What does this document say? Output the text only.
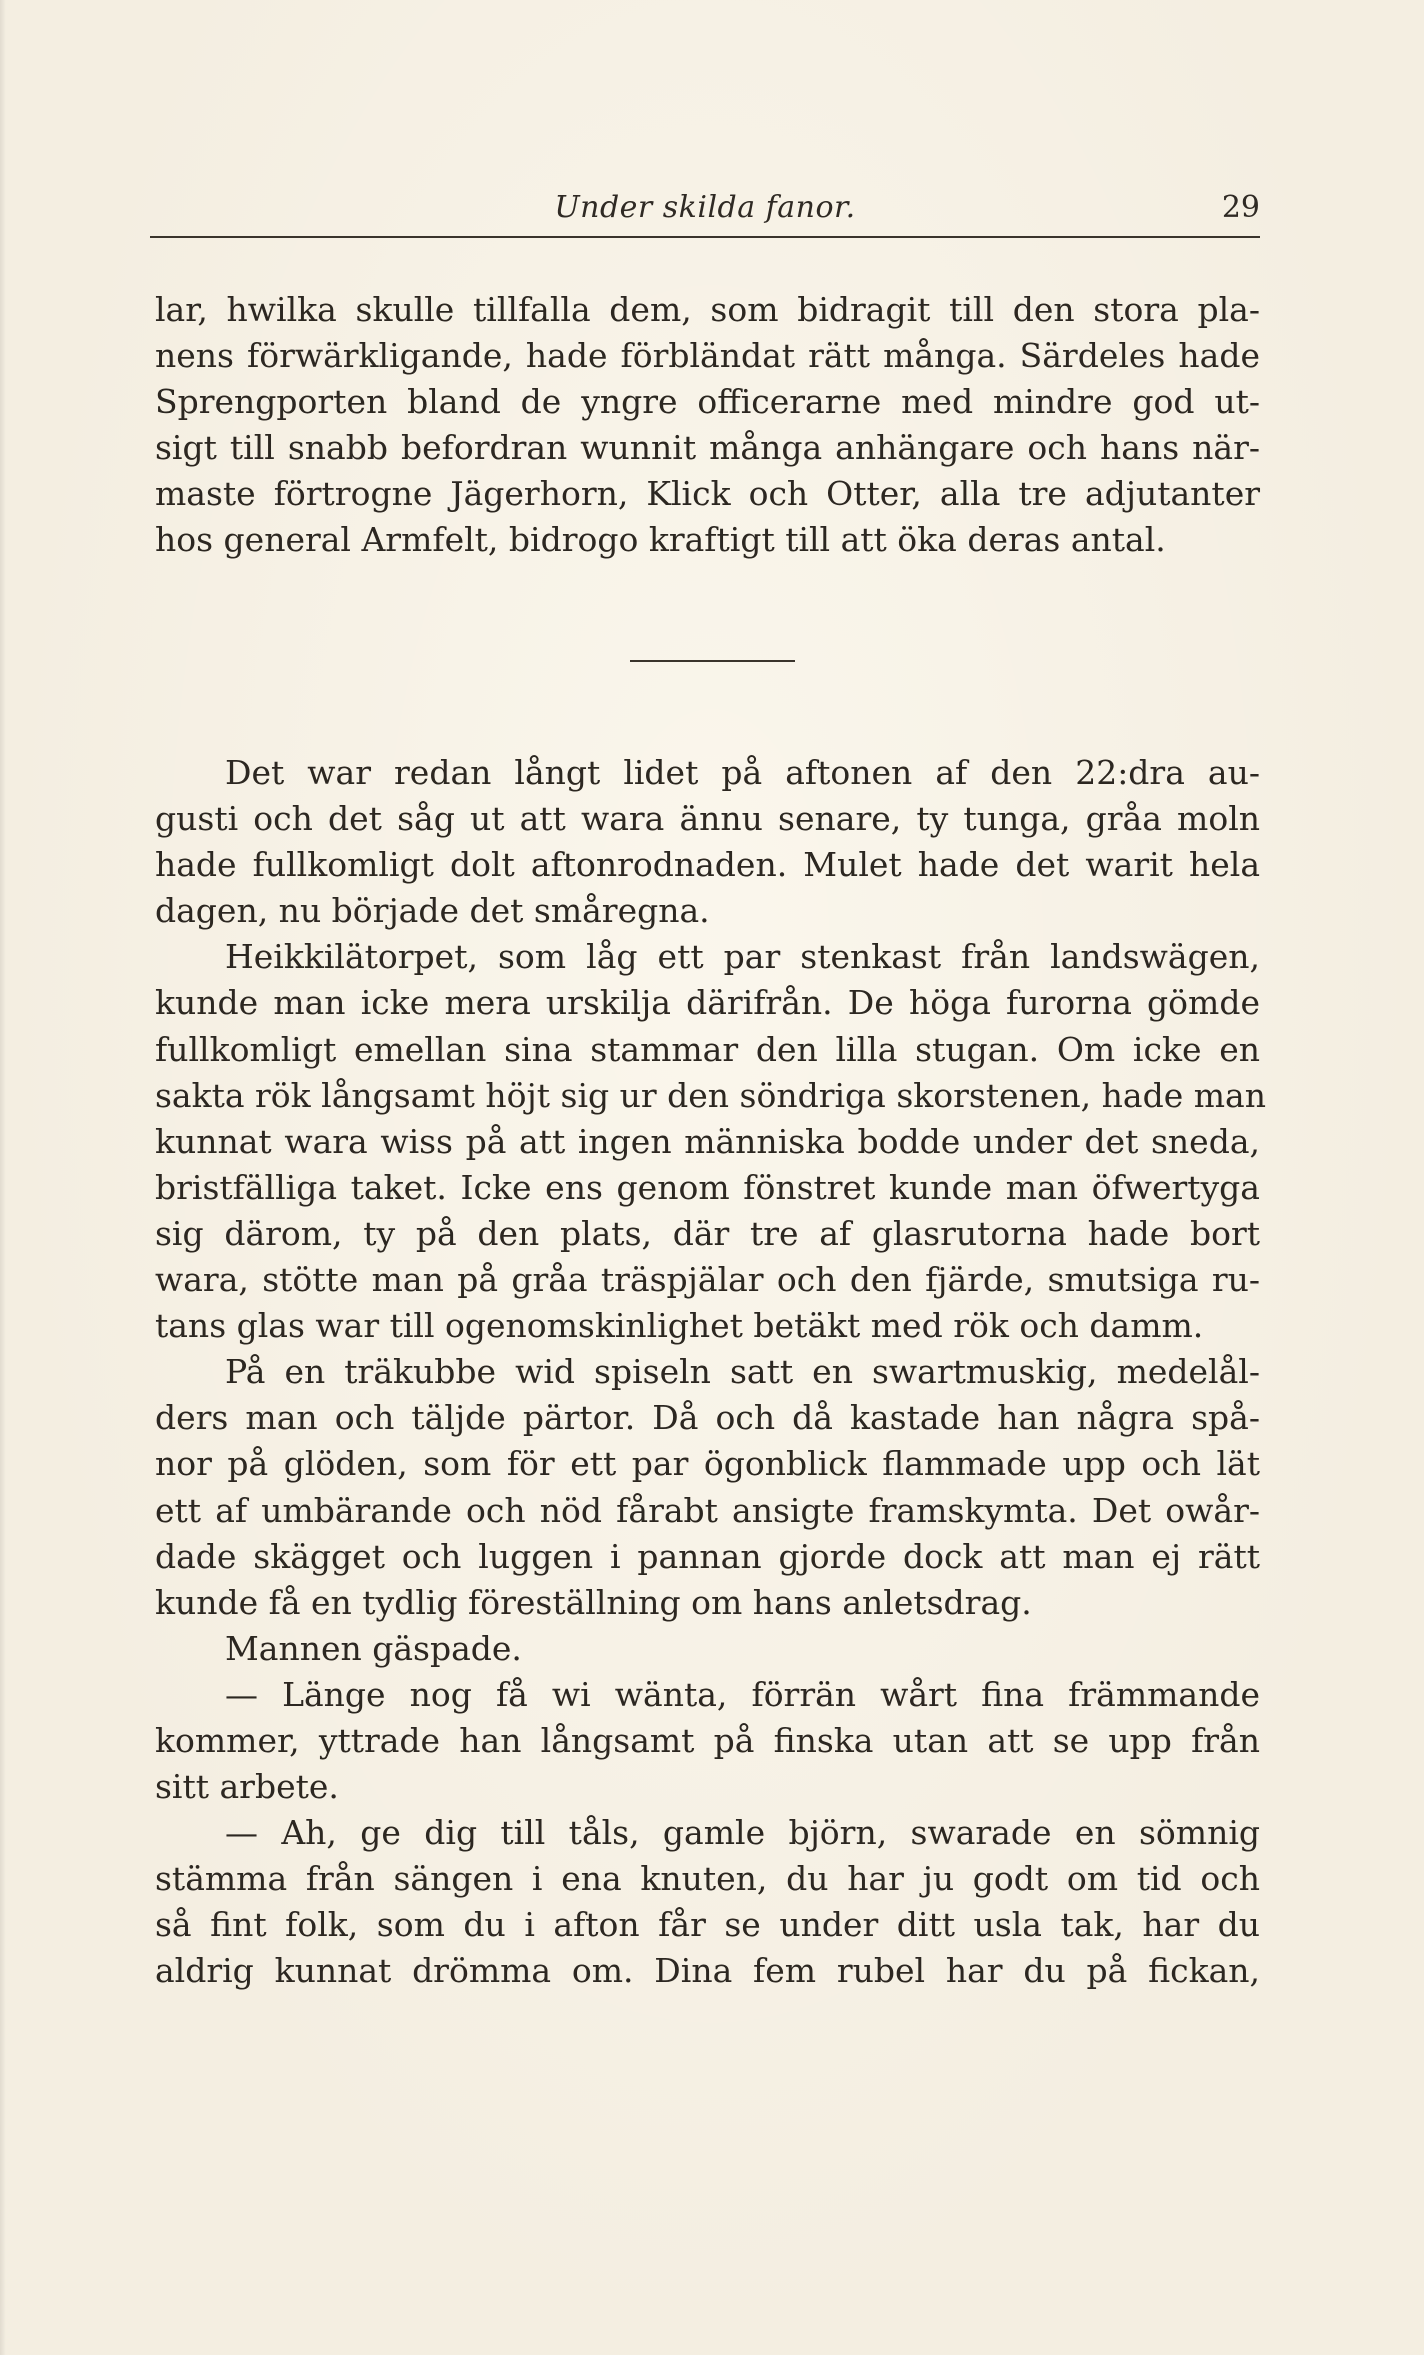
Under skilda fanor.	29
lar, hwilka skulle tillfalla dem, som bidragit till den stora pla-
nens förwärkligande, hade förbländat rätt många. Särdeles hade
Sprengporten bland de yngre officerarne med mindre god ut-
sigt till snabb befordran wunnit många anhängare och hans när-
maste förtrogne Jägerhorn, Klick och Otter, alla tre adjutanter
hos general Armfelt, bidrogo kraftigt till att öka deras antal.
Det war redan långt lidet på aftonen af den 22:dra au-
gusti och det såg ut att wara ännu senare, ty tunga, gråa moln
hade fullkomligt dolt aftonrodnaden. Mulet hade det warit hela
dagen, nu började det småregna.
Heikkilätorpet, som låg ett par stenkast från landswägen,
kunde man icke mera urskilja därifrån. De höga furorna gömde
fullkomligt emellan sina stammar den lilla stugan. Om icke en
sakta rök långsamt höjt sig ur den söndriga skorstenen, hade man
kunnat wara wiss på att ingen människa bodde under det sneda,
bristfälliga taket. Icke ens genom fönstret kunde man öfwertyga
sig därom, ty på den plats, där tre af glasrutorna hade bort
wara, stötte man på gråa träspjälar och den fjärde, smutsiga ru-
tans glas war till ogenomskinlighet betäkt med rök och damm.
På en träkubbe wid spiseln satt en swartmuskig, medelål-
ders man och täljde pärtor. Då och då kastade han några spå-
nor på glöden, som för ett par ögonblick flammade upp och lät
ett af umbärande och nöd fårabt ansigte framskymta. Det owår-
dade skägget och luggen i pannan gjorde dock att man ej rätt
kunde få en tydlig föreställning om hans anletsdrag.
Mannen gäspade.
— Länge nog få wi wänta, förrän wårt fina främmande
kommer, yttrade han långsamt på finska utan att se upp från
sitt arbete.
— Ah, ge dig till tåls, gamle björn, swarade en sömnig
stämma från sängen i ena knuten, du har ju godt om tid och
så fint folk, som du i afton får se under ditt usla tak, har du
aldrig kunnat drömma om. Dina fem rubel har du på fickan,
